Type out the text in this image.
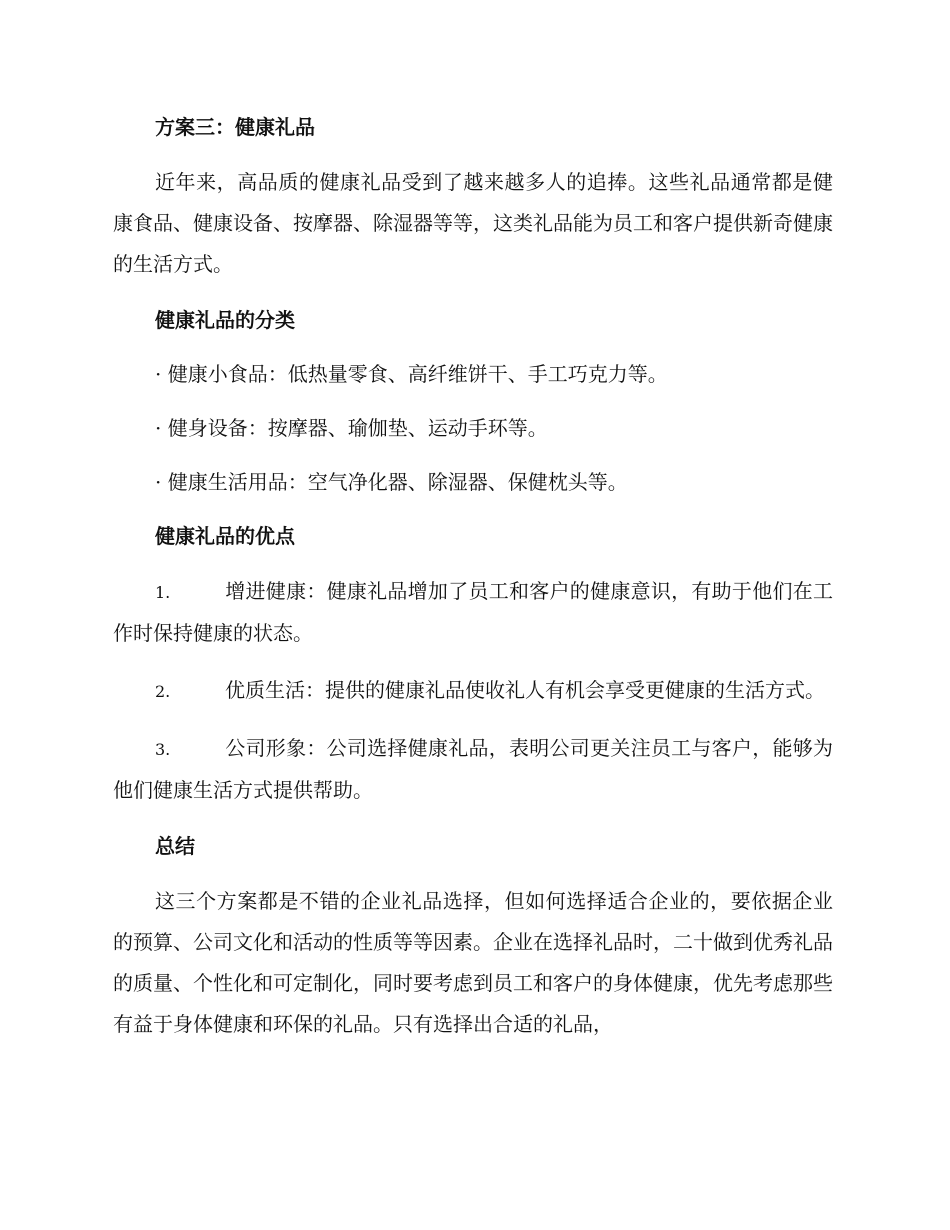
方案三：健康礼品
近年来，高品质的健康礼品受到了越来越多人的追捧。这些礼品通常都是健康食品、健康设备、按摩器、除湿器等等，这类礼品能为员工和客户提供新奇健康的生活方式。
健康礼品的分类
· 健康小食品：低热量零食、高纤维饼干、手工巧克力等。
· 健身设备：按摩器、瑜伽垫、运动手环等。
· 健康生活用品：空气净化器、除湿器、保健枕头等。
健康礼品的优点
1.	增进健康：健康礼品增加了员工和客户的健康意识，有助于他们在工作时保持健康的状态。
2.	优质生活：提供的健康礼品使收礼人有机会享受更健康的生活方式。
3.	公司形象：公司选择健康礼品，表明公司更关注员工与客户，能够为他们健康生活方式提供帮助。
总结
这三个方案都是不错的企业礼品选择，但如何选择适合企业的，要依据企业的预算、公司文化和活动的性质等等因素。企业在选择礼品时，二十做到优秀礼品的质量、个性化和可定制化，同时要考虑到员工和客户的身体健康，优先考虑那些有益于身体健康和环保的礼品。只有选择出合适的礼品，
